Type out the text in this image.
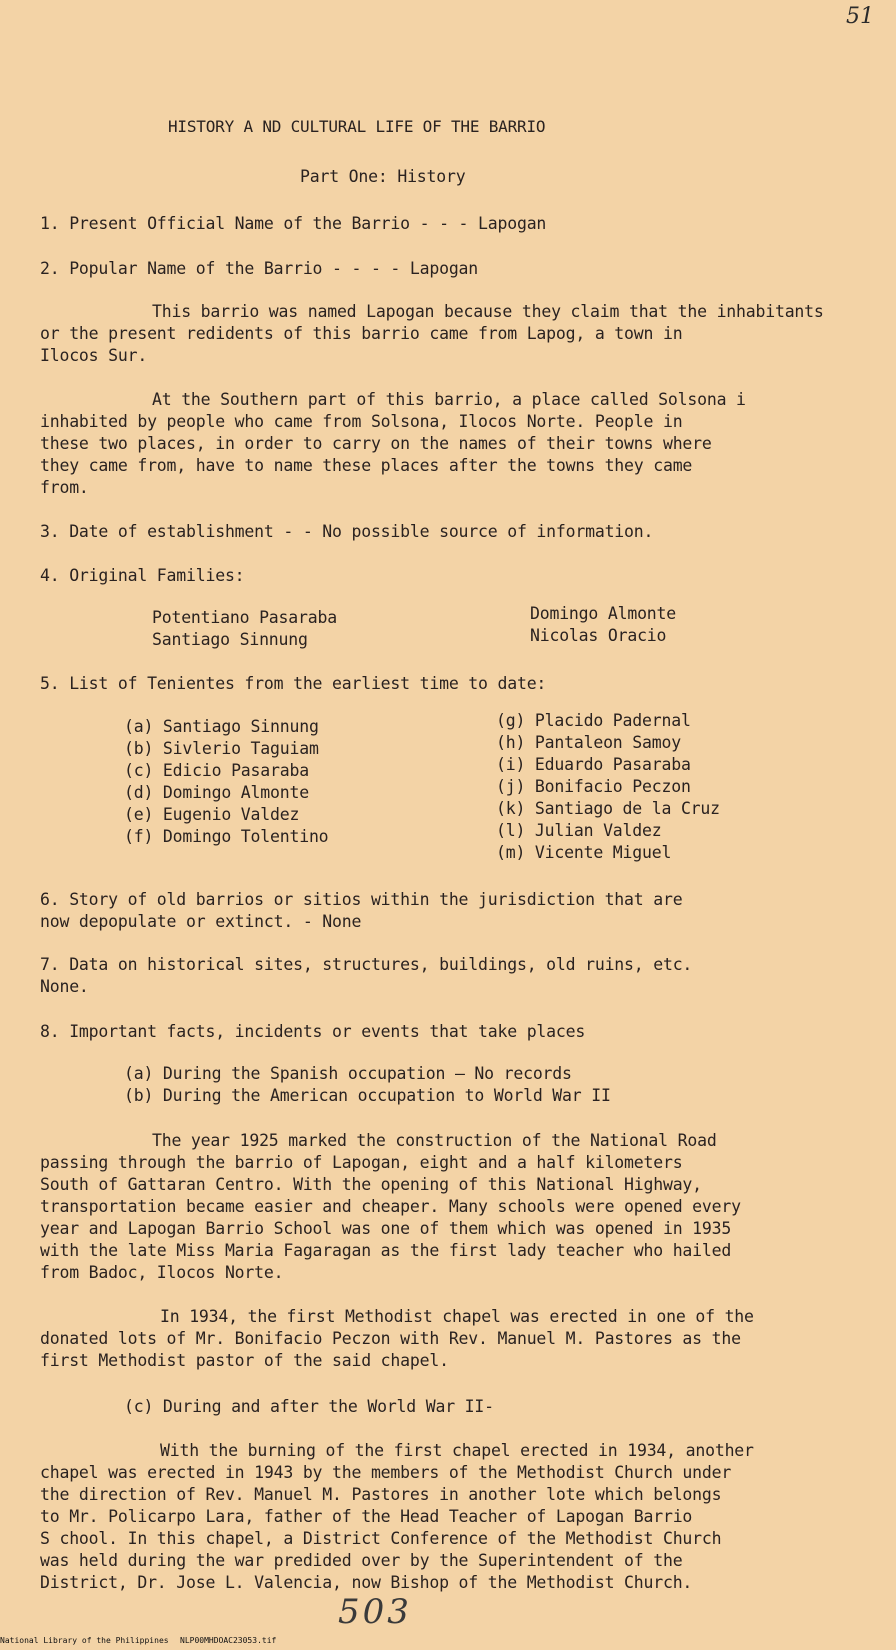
51
HISTORY A ND CULTURAL LIFE OF THE BARRIO
Part One: History
1. Present Official Name of the Barrio - - - Lapogan
2. Popular Name of the Barrio - - - - Lapogan
This barrio was named Lapogan because they claim that the inhabitants
or the present redidents of this barrio came from Lapog, a town in
Ilocos Sur.
At the Southern part of this barrio, a place called Solsona i
inhabited by people who came from Solsona, Ilocos Norte. People in
these two places, in order to carry on the names of their towns where
they came from, have to name these places after the towns they came
from.
3. Date of establishment - - No possible source of information.
4. Original Families:
Potentiano Pasaraba
Santiago Sinnung
Domingo Almonte
Nicolas Oracio
5. List of Tenientes from the earliest time to date:
(a) Santiago Sinnung
(b) Sivlerio Taguiam
(c) Edicio Pasaraba
(d) Domingo Almonte
(e) Eugenio Valdez
(f) Domingo Tolentino
(g) Placido Padernal
(h) Pantaleon Samoy
(i) Eduardo Pasaraba
(j) Bonifacio Peczon
(k) Santiago de la Cruz
(l) Julian Valdez
(m) Vicente Miguel
6. Story of old barrios or sitios within the jurisdiction that are
now depopulate or extinct. - None
7. Data on historical sites, structures, buildings, old ruins, etc.
None.
8. Important facts, incidents or events that take places
(a) During the Spanish occupation — No records
(b) During the American occupation to World War II
The year 1925 marked the construction of the National Road
passing through the barrio of Lapogan, eight and a half kilometers
South of Gattaran Centro. With the opening of this National Highway,
transportation became easier and cheaper. Many schools were opened every
year and Lapogan Barrio School was one of them which was opened in 1935
with the late Miss Maria Fagaragan as the first lady teacher who hailed
from Badoc, Ilocos Norte.
In 1934, the first Methodist chapel was erected in one of the
donated lots of Mr. Bonifacio Peczon with Rev. Manuel M. Pastores as the
first Methodist pastor of the said chapel.
(c) During and after the World War II-
With the burning of the first chapel erected in 1934, another
chapel was erected in 1943 by the members of the Methodist Church under
the direction of Rev. Manuel M. Pastores in another lote which belongs
to Mr. Policarpo Lara, father of the Head Teacher of Lapogan Barrio
S chool. In this chapel, a District Conference of the Methodist Church
was held during the war predided over by the Superintendent of the
District, Dr. Jose L. Valencia, now Bishop of the Methodist Church.
503
National Library of the Philippines NLP00MHDOAC23053.tif
